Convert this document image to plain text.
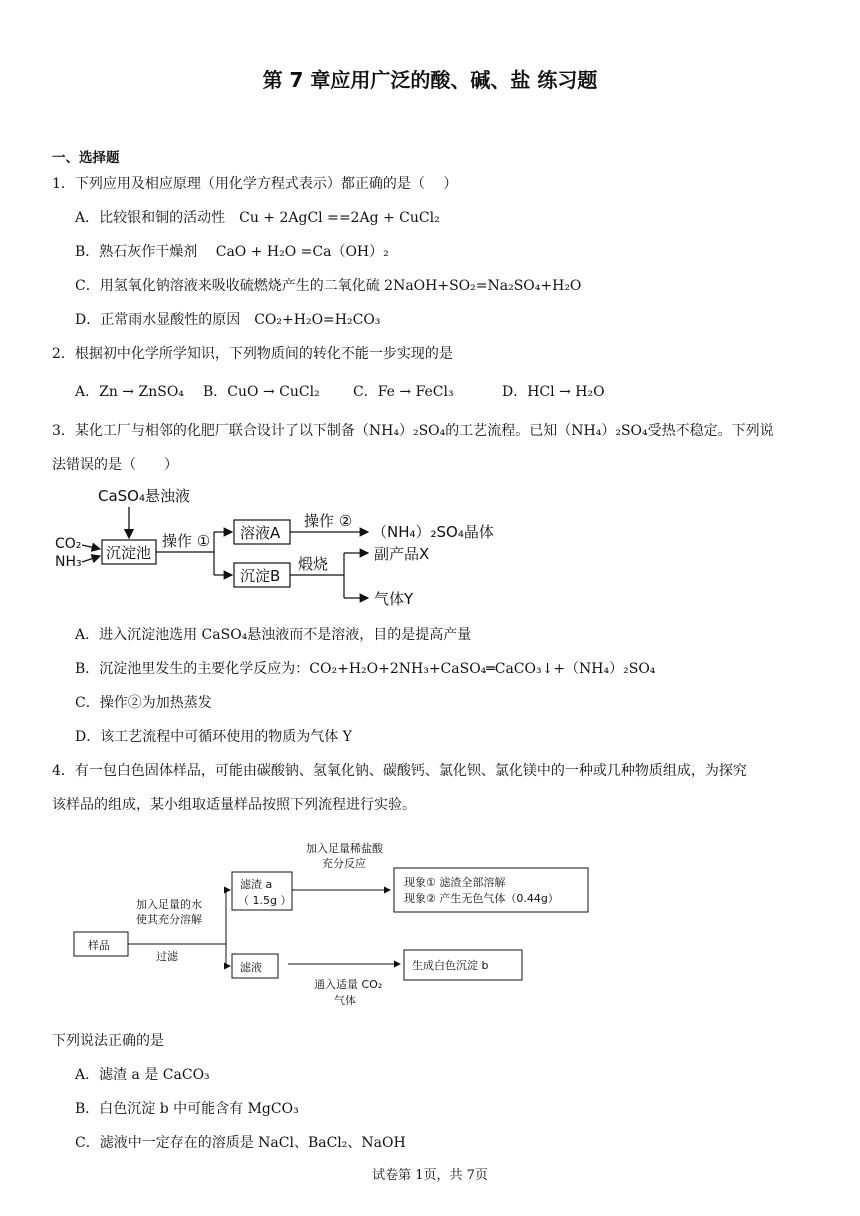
第 7 章应用广泛的酸、碱、盐 练习题
一、选择题
1．下列应用及相应原理（用化学方程式表示）都正确的是（　 ）
A．比较银和铜的活动性　Cu + 2AgCl ==2Ag + CuCl₂
B．熟石灰作干燥剂　 CaO + H₂O =Ca（OH）₂
C．用氢氧化钠溶液来吸收硫燃烧产生的二氧化硫 2NaOH+SO₂=Na₂SO₄+H₂O
D．正常雨水显酸性的原因　CO₂+H₂O=H₂CO₃
2．根据初中化学所学知识，下列物质间的转化不能一步实现的是
A．Zn → ZnSO₄ B．CuO → CuCl₂ C．Fe → FeCl₃	D．HCl → H₂O
3．某化工厂与相邻的化肥厂联合设计了以下制备（NH₄）₂SO₄的工艺流程。已知（NH₄）₂SO₄受热不稳定。下列说
法错误的是（　　）
CaSO₄悬浊液
CO₂
NH₃ 沉淀池
操作 ① 溶液A
操作 ②
（NH₄）₂SO₄晶体
沉淀B
煅烧
副产品X
气体Y
A．进入沉淀池选用 CaSO₄悬浊液而不是溶液，目的是提高产量
B．沉淀池里发生的主要化学反应为：CO₂+H₂O+2NH₃+CaSO₄═CaCO₃↓+（NH₄）₂SO₄
C．操作②为加热蒸发
D．该工艺流程中可循环使用的物质为气体 Y
4．有一包白色固体样品，可能由碳酸钠、氢氧化钠、碳酸钙、氯化钡、氯化镁中的一种或几种物质组成，为探究
该样品的组成，某小组取适量样品按照下列流程进行实验。
加入足量稀盐酸
充分反应
滤渣 a
（ 1.5g ）
现象① 滤渣全部溶解
现象② 产生无色气体（0.44g）
加入足量的水
使其充分溶解
样品
过滤
滤液	生成白色沉淀 b
通入适量 CO₂
气体
下列说法正确的是
A．滤渣 a 是 CaCO₃
B．白色沉淀 b 中可能含有 MgCO₃
C．滤液中一定存在的溶质是 NaCl、BaCl₂、NaOH
试卷第 1页，共 7页
